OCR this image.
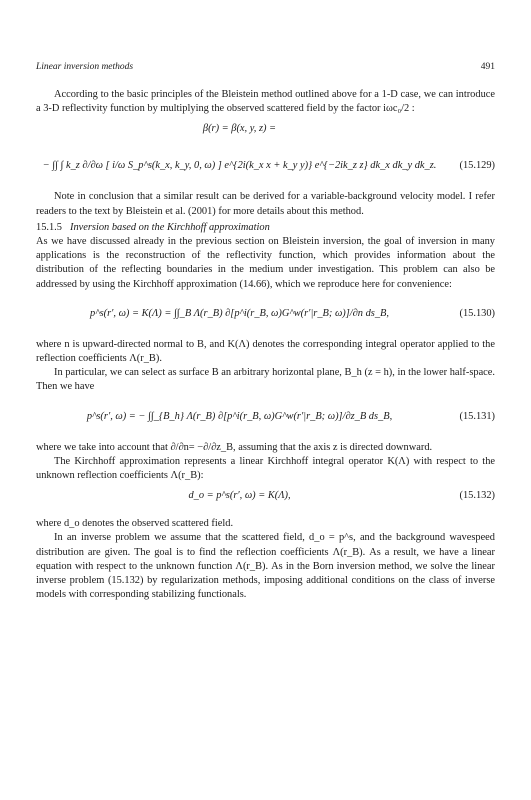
Linear inversion methods	491

According to the basic principles of the Bleistein method outlined above for a 1-D case, we can introduce a 3-D reflectivity function by multiplying the observed scattered field by the factor iωc₀/2 :

β(r) = β(x, y, z) =
− ∫∫ ∫ k_z ∂/∂ω [ i/ω S_p^s(k_x, k_y, 0, ω) ] e^{2i(k_x x + k_y y)} e^{−2ik_z z} dk_x dk_y dk_z.	(15.129)

Note in conclusion that a similar result can be derived for a variable-background velocity model. I refer readers to the text by Bleistein et al. (2001) for more details about this method.

15.1.5 Inversion based on the Kirchhoff approximation

As we have discussed already in the previous section on Bleistein inversion, the goal of inversion in many applications is the reconstruction of the reflectivity function, which provides information about the distribution of the reflecting boundaries in the medium under investigation. This problem can also be addressed by using the Kirchhoff approximation (14.66), which we reproduce here for convenience:

p^s(r′, ω) = K(Λ) = ∫∫_B Λ(r_B) ∂[p^i(r_B, ω)G^w(r′|r_B; ω)]/∂n ds_B,	(15.130)

where n is upward-directed normal to B, and K(Λ) denotes the corresponding integral operator applied to the reflection coefficients Λ(r_B).

In particular, we can select as surface B an arbitrary horizontal plane, B_h (z = h), in the lower half-space. Then we have

p^s(r′, ω) = − ∫∫_{B_h} Λ(r_B) ∂[p^i(r_B, ω)G^w(r′|r_B; ω)]/∂z_B ds_B,	(15.131)

where we take into account that ∂/∂n= −∂/∂z_B, assuming that the axis z is directed downward.

The Kirchhoff approximation represents a linear Kirchhoff integral operator K(Λ) with respect to the unknown reflection coefficients Λ(r_B):

d_o = p^s(r′, ω) = K(Λ),	(15.132)

where d_o denotes the observed scattered field.

In an inverse problem we assume that the scattered field, d_o = p^s, and the background wavespeed distribution are given. The goal is to find the reflection coefficients Λ(r_B). As a result, we have a linear equation with respect to the unknown function Λ(r_B). As in the Born inversion method, we solve the linear inverse problem (15.132) by regularization methods, imposing additional conditions on the class of inverse models with corresponding stabilizing functionals.
